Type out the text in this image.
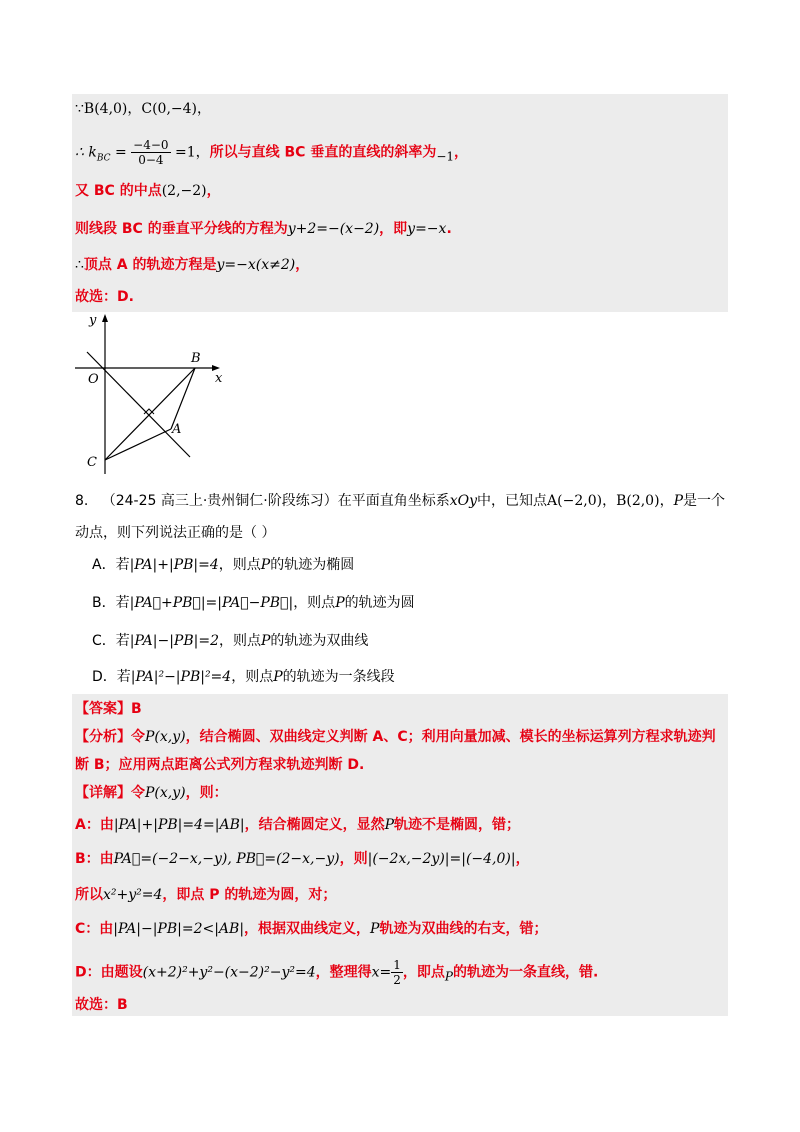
∵B(4,0)，C(0,−4)，
∴ $k_{BC} = \frac{-4-0}{0-4} =1$，所以与直线 BC 垂直的直线的斜率为$_{-1}$，
又 BC 的中点(2,−2)，
则线段 BC 的垂直平分线的方程为y+2=−(x−2)，即y=−x.
∴顶点 A 的轨迹方程是y=−x(x≠2)，
故选：D.
y
x
O
B
A
C
8. （24-25 高三上·贵州铜仁·阶段练习）在平面直角坐标系xOy中，已知点A(−2,0)，B(2,0)，P是一个
动点，则下列说法正确的是（ ）
A．若|PA|+|PB|=4，则点P的轨迹为椭圆
B．若|PA⃗+PB⃗|=|PA⃗−PB⃗|，则点P的轨迹为圆
C．若|PA|−|PB|=2，则点P的轨迹为双曲线
D．若|PA|²−|PB|²=4，则点P的轨迹为一条线段
【答案】B
【分析】令P(x,y)，结合椭圆、双曲线定义判断 A、C；利用向量加减、模长的坐标运算列方程求轨迹判
断 B；应用两点距离公式列方程求轨迹判断 D.
【详解】令P(x,y)，则：
A：由|PA|+|PB|=4=|AB|，结合椭圆定义，显然P轨迹不是椭圆，错；
B：由PA⃗=(−2−x,−y), PB⃗=(2−x,−y)，则|(−2x,−2y)|=|(−4,0)|，
所以x²+y²=4，即点 P 的轨迹为圆，对；
C：由|PA|−|PB|=2<|AB|，根据双曲线定义，P轨迹为双曲线的右支，错；
D：由题设(x+2)²+y²−(x−2)²−y²=4，整理得$x= \frac{1}{2}$ ，即点$_P$的轨迹为一条直线，错.
故选：B
